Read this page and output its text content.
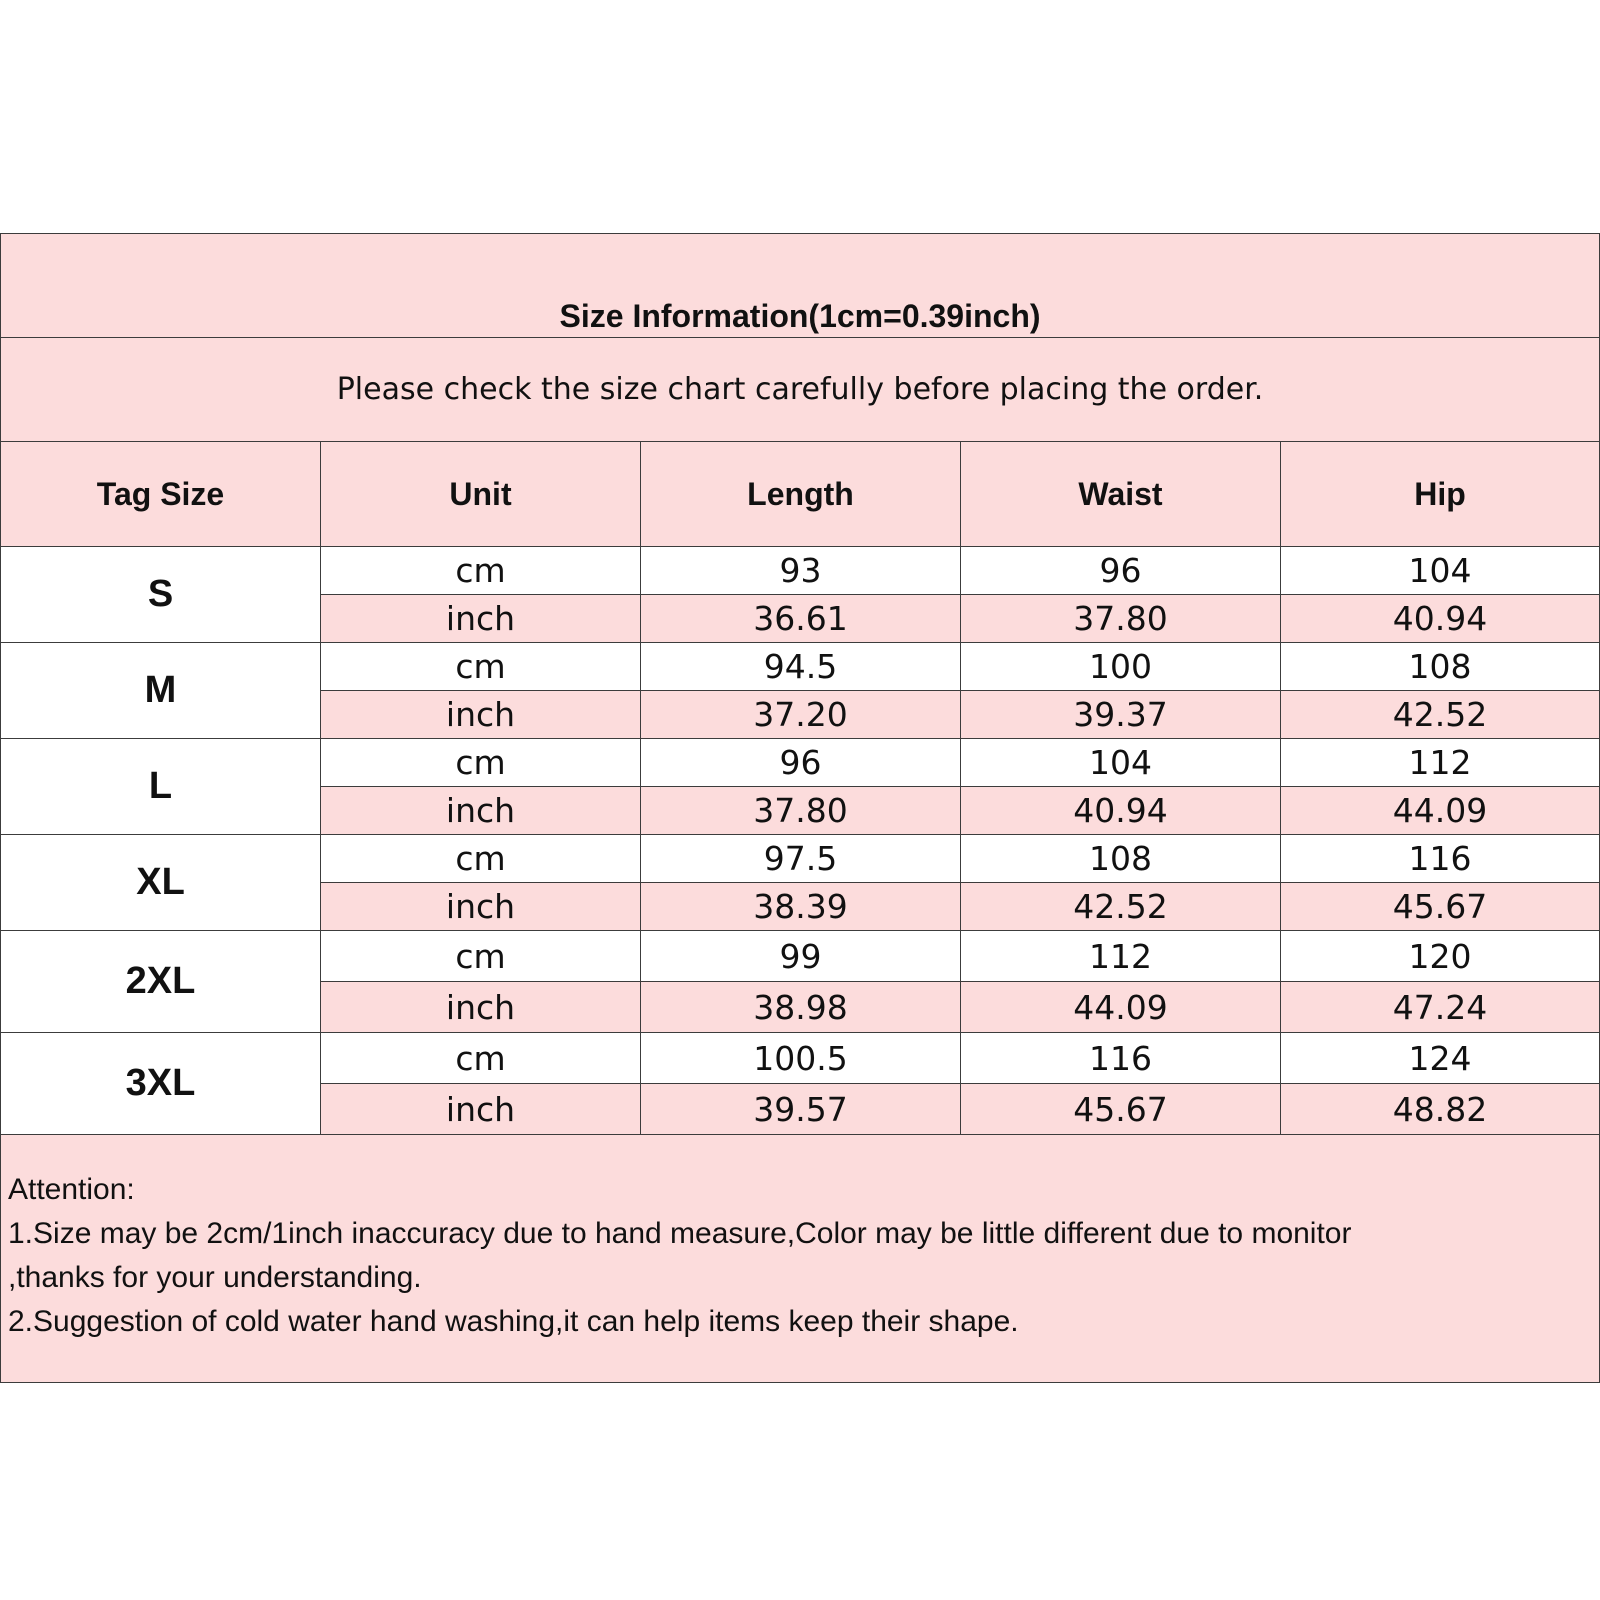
Size Information(1cm=0.39inch)				
Please check the size chart carefully before placing the order.				
Tag Size	Unit	Length	Waist	Hip
S	cm	93	96	104
	inch	36.61	37.80	40.94
M	cm	94.5	100	108
	inch	37.20	39.37	42.52
L	cm	96	104	112
	inch	37.80	40.94	44.09
XL	cm	97.5	108	116
	inch	38.39	42.52	45.67
2XL	cm	99	112	120
	inch	38.98	44.09	47.24
3XL	cm	100.5	116	124
	inch	39.57	45.67	48.82

Attention:
1.Size may be 2cm/1inch inaccuracy due to hand measure,Color may be little different due to monitor
,thanks for your understanding.
2.Suggestion of cold water hand washing,it can help items keep their shape.				
